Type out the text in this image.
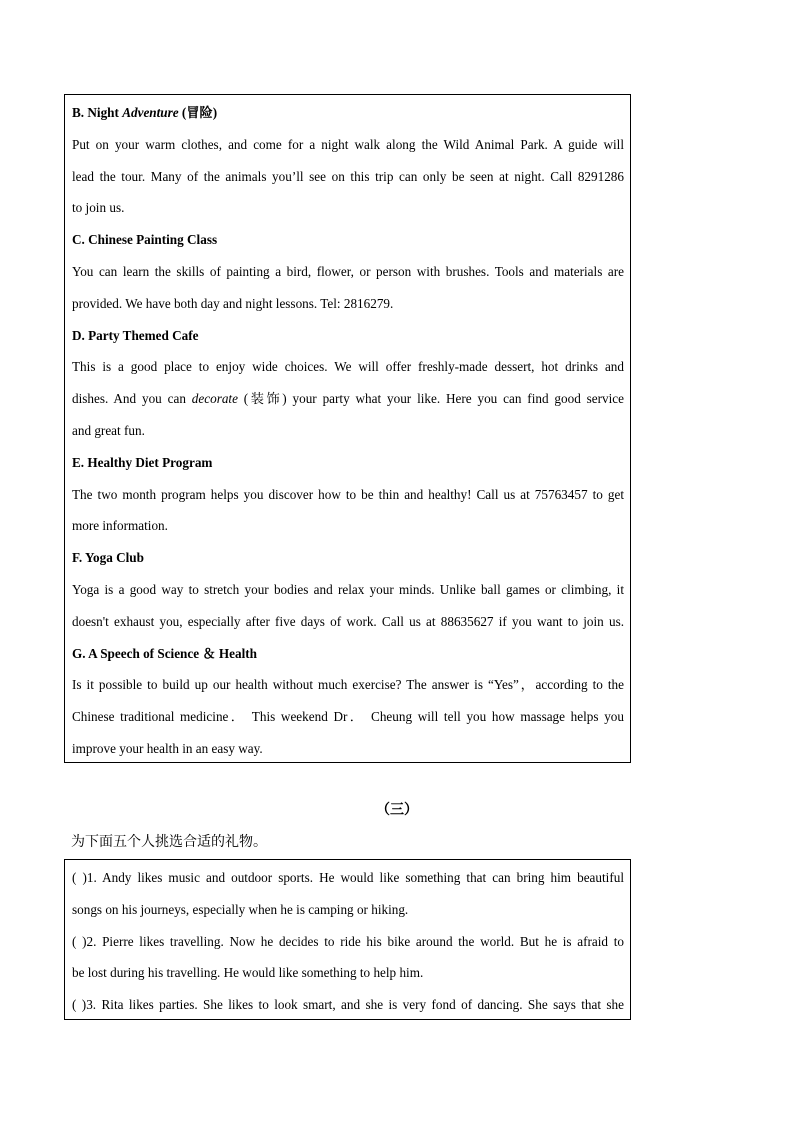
B. Night Adventure (冒险)
Put on your warm clothes, and come for a night walk along the Wild Animal Park. A guide will
lead the tour. Many of the animals you’ll see on this trip can only be seen at night. Call 8291286
to join us.
C. Chinese Painting Class
You can learn the skills of painting a bird, flower, or person with brushes. Tools and materials are
provided. We have both day and night lessons. Tel: 2816279.
D. Party Themed Cafe
This is a good place to enjoy wide choices. We will offer freshly-made dessert, hot drinks and
dishes. And you can decorate (装饰) your party what your like. Here you can find good service
and great fun.
E. Healthy Diet Program
The two month program helps you discover how to be thin and healthy! Call us at 75763457 to get
more information.
F. Yoga Club
Yoga is a good way to stretch your bodies and relax your minds. Unlike ball games or climbing, it
doesn't exhaust you, especially after five days of work. Call us at 88635627 if you want to join us.
G. A Speech of Science ＆ Health
Is it possible to build up our health without much exercise? The answer is “Yes”，according to the
Chinese traditional medicine． This weekend Dr． Cheung will tell you how massage helps you
improve your health in an easy way.
（三）
为下面五个人挑选合适的礼物。
( )1. Andy likes music and outdoor sports. He would like something that can bring him beautiful
songs on his journeys, especially when he is camping or hiking.
( )2. Pierre likes travelling. Now he decides to ride his bike around the world. But he is afraid to
be lost during his travelling. He would like something to help him.
( )3. Rita likes parties. She likes to look smart, and she is very fond of dancing. She says that she
